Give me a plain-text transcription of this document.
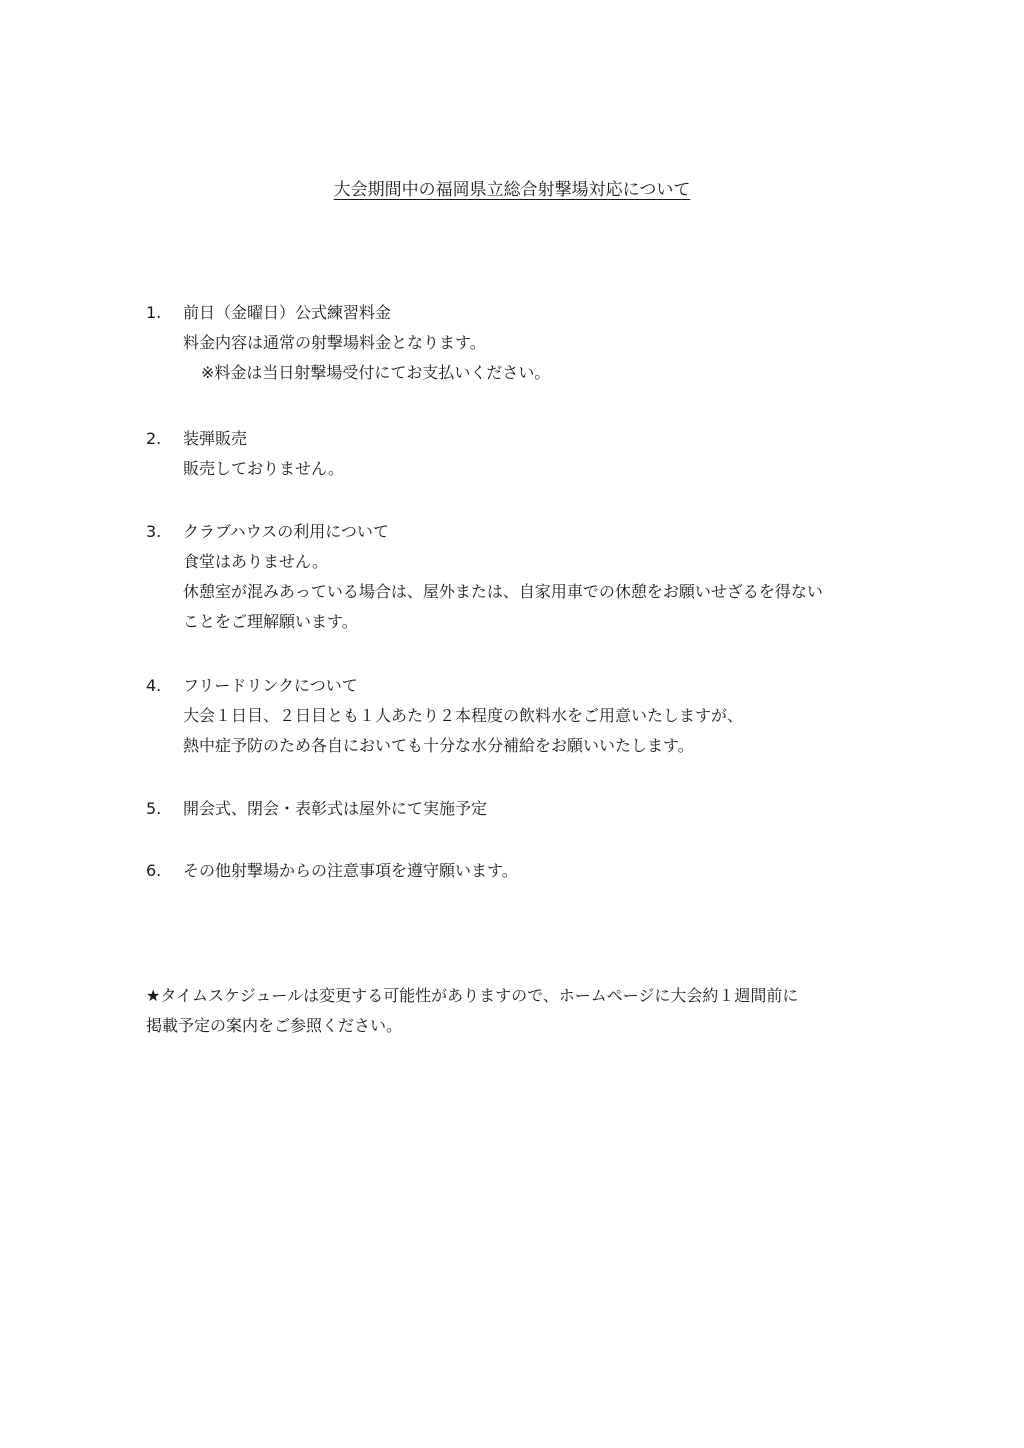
大会期間中の福岡県立総合射撃場対応について
1. 前日（金曜日）公式練習料金
料金内容は通常の射撃場料金となります。
※料金は当日射撃場受付にてお支払いください。
2. 装弾販売
販売しておりません。
3. クラブハウスの利用について
食堂はありません。
休憩室が混みあっている場合は、屋外または、自家用車での休憩をお願いせざるを得ない
ことをご理解願います。
4. フリードリンクについて
大会１日目、２日目とも１人あたり２本程度の飲料水をご用意いたしますが、
熱中症予防のため各自においても十分な水分補給をお願いいたします。
5. 開会式、閉会・表彰式は屋外にて実施予定
6. その他射撃場からの注意事項を遵守願います。
★タイムスケジュールは変更する可能性がありますので、ホームページに大会約１週間前に
掲載予定の案内をご参照ください。
